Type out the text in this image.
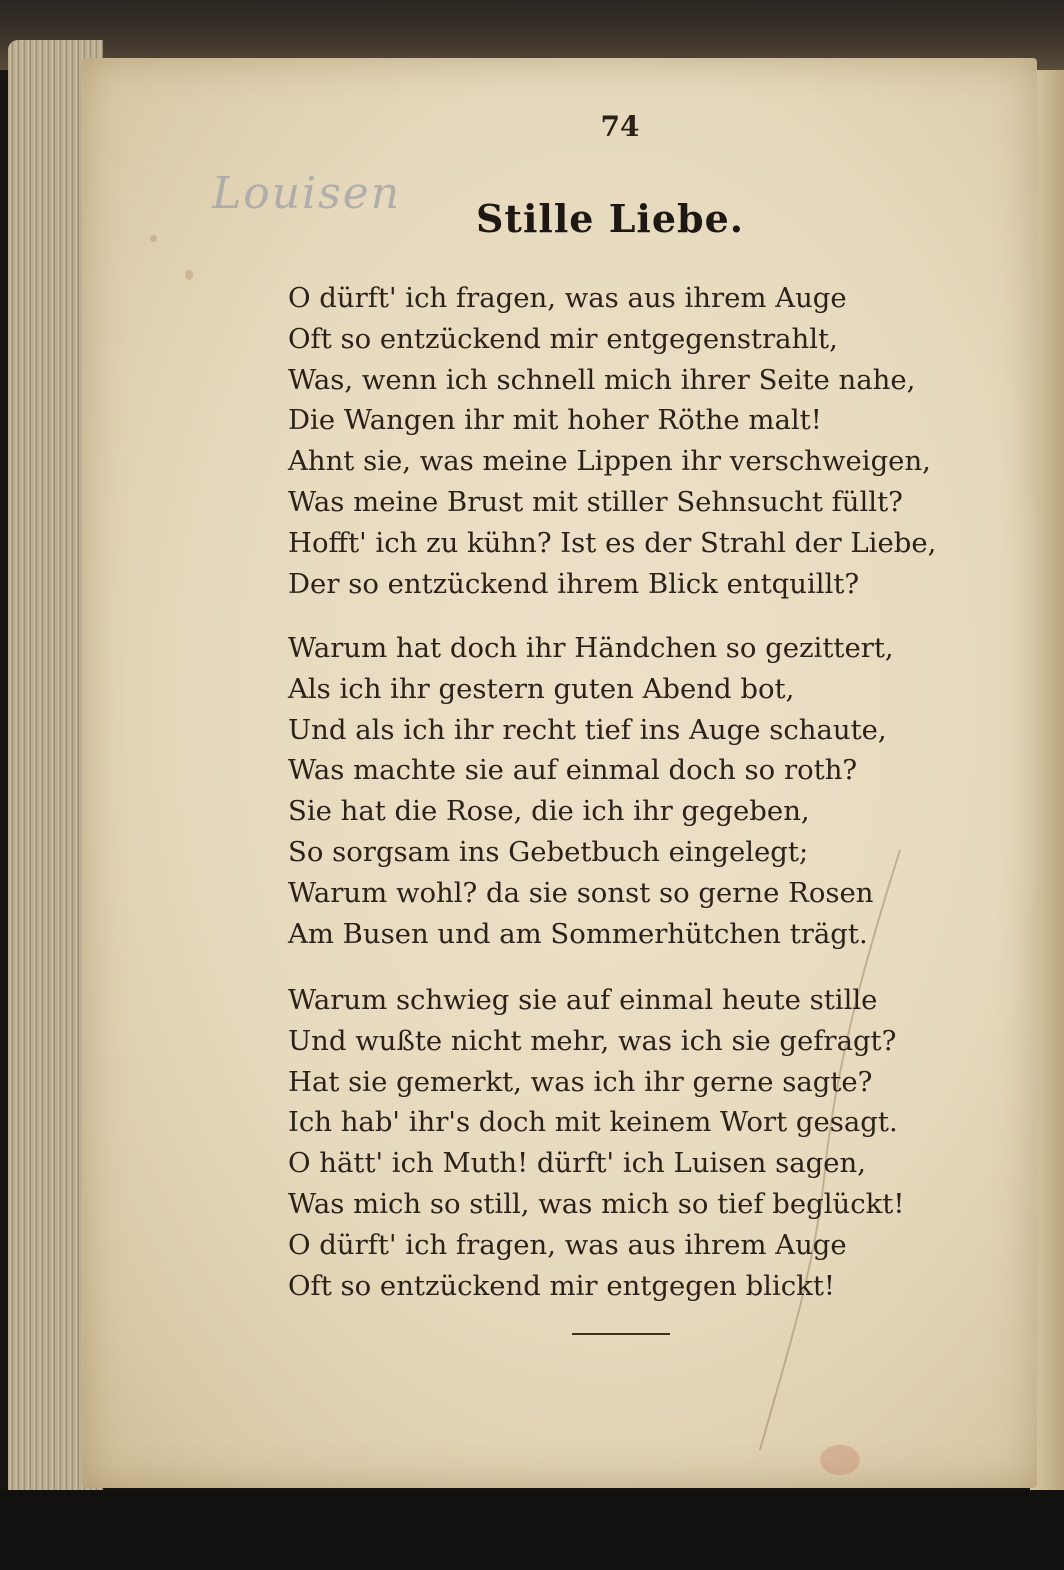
74
Louisen	Stille Liebe.
O dürft' ich fragen, was aus ihrem Auge
Oft so entzückend mir entgegenstrahlt,
Was, wenn ich schnell mich ihrer Seite nahe,
Die Wangen ihr mit hoher Röthe malt!
Ahnt sie, was meine Lippen ihr verschweigen,
Was meine Brust mit stiller Sehnsucht füllt?
Hofft' ich zu kühn? Ist es der Strahl der Liebe,
Der so entzückend ihrem Blick entquillt?
Warum hat doch ihr Händchen so gezittert,
Als ich ihr gestern guten Abend bot,
Und als ich ihr recht tief ins Auge schaute,
Was machte sie auf einmal doch so roth?
Sie hat die Rose, die ich ihr gegeben,
So sorgsam ins Gebetbuch eingelegt;
Warum wohl? da sie sonst so gerne Rosen
Am Busen und am Sommerhütchen trägt.
Warum schwieg sie auf einmal heute stille
Und wußte nicht mehr, was ich sie gefragt?
Hat sie gemerkt, was ich ihr gerne sagte?
Ich hab' ihr's doch mit keinem Wort gesagt.
O hätt' ich Muth! dürft' ich Luisen sagen,
Was mich so still, was mich so tief beglückt!
O dürft' ich fragen, was aus ihrem Auge
Oft so entzückend mir entgegen blickt!
